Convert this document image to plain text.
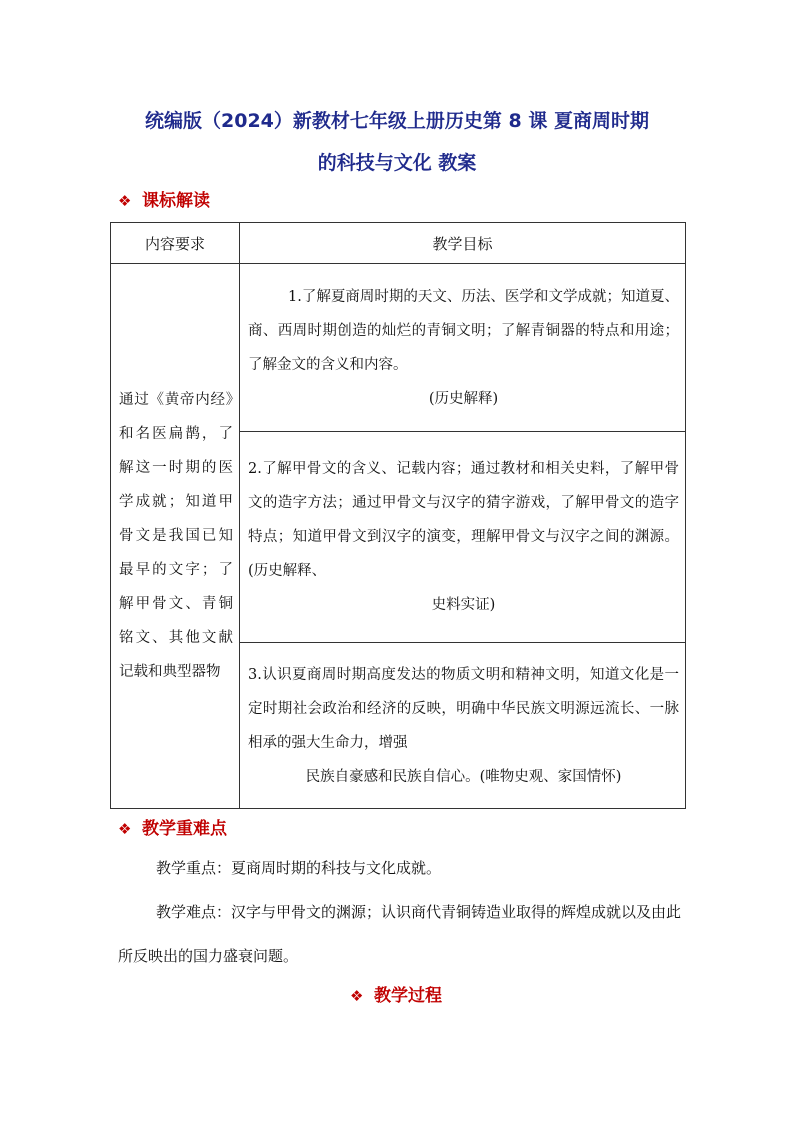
统编版（2024）新教材七年级上册历史第 8 课 夏商周时期
的科技与文化 教案
❖ 课标解读
内容要求	教学目标
通过《黄帝内经》和名医扁鹊，了解这一时期的医学成就；知道甲骨文是我国已知最早的文字；了解甲骨文、青铜铭文、其他文献记载和典型器物	1.了解夏商周时期的天文、历法、医学和文学成就；知道夏、商、西周时期创造的灿烂的青铜文明；了解青铜器的特点和用途；了解金文的含义和内容。
(历史解释)

	2.了解甲骨文的含义、记载内容；通过教材和相关史料，了解甲骨文的造字方法；通过甲骨文与汉字的猜字游戏，了解甲骨文的造字特点；知道甲骨文到汉字的演变，理解甲骨文与汉字之间的渊源。(历史解释、
史料实证)

	3.认识夏商周时期高度发达的物质文明和精神文明，知道文化是一定时期社会政治和经济的反映，明确中华民族文明源远流长、一脉相承的强大生命力，增强
民族自豪感和民族自信心。(唯物史观、家国情怀)
❖ 教学重难点
教学重点：夏商周时期的科技与文化成就。
教学难点：汉字与甲骨文的渊源；认识商代青铜铸造业取得的辉煌成就以及由此所反映出的国力盛衰问题。
❖ 教学过程
